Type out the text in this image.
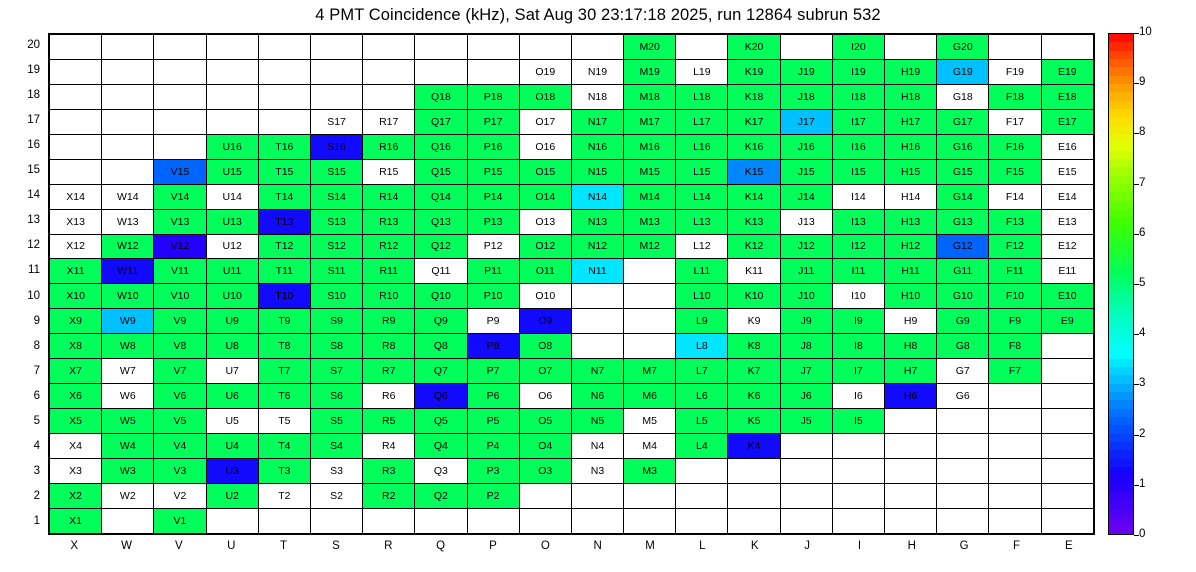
4 PMT Coincidence (kHz), Sat Aug 30 23:17:18 2025, run 12864 subrun 532
											M20		K20		I20		G20		
									O19	N19	M19	L19	K19	J19	I19	H19	G19	F19	E19
							Q18	P18	O18	N18	M18	L18	K18	J18	I18	H18	G18	F18	E18
					S17	R17	Q17	P17	O17	N17	M17	L17	K17	J17	I17	H17	G17	F17	E17
			U16	T16	S16	R16	Q16	P16	O16	N16	M16	L16	K16	J16	I16	H16	G16	F16	E16
		V15	U15	T15	S15	R15	Q15	P15	O15	N15	M15	L15	K15	J15	I15	H15	G15	F15	E15
X14	W14	V14	U14	T14	S14	R14	Q14	P14	O14	N14	M14	L14	K14	J14	I14	H14	G14	F14	E14
X13	W13	V13	U13	T13	S13	R13	Q13	P13	O13	N13	M13	L13	K13	J13	I13	H13	G13	F13	E13
X12	W12	V12	U12	T12	S12	R12	Q12	P12	O12	N12	M12	L12	K12	J12	I12	H12	G12	F12	E12
X11	W11	V11	U11	T11	S11	R11	Q11	P11	O11	N11		L11	K11	J11	I11	H11	G11	F11	E11
X10	W10	V10	U10	T10	S10	R10	Q10	P10	O10			L10	K10	J10	I10	H10	G10	F10	E10
X9	W9	V9	U9	T9	S9	R9	Q9	P9	O9			L9	K9	J9	I9	H9	G9	F9	E9
X8	W8	V8	U8	T8	S8	R8	Q8	P8	O8			L8	K8	J8	I8	H8	G8	F8	
X7	W7	V7	U7	T7	S7	R7	Q7	P7	O7	N7	M7	L7	K7	J7	I7	H7	G7	F7	
X6	W6	V6	U6	T6	S6	R6	Q6	P6	O6	N6	M6	L6	K6	J6	I6	H6	G6		
X5	W5	V5	U5	T5	S5	R5	Q5	P5	O5	N5	M5	L5	K5	J5	I5				
X4	W4	V4	U4	T4	S4	R4	Q4	P4	O4	N4	M4	L4	K4						
X3	W3	V3	U3	T3	S3	R3	Q3	P3	O3	N3	M3								
X2	W2	V2	U2	T2	S2	R2	Q2	P2											
X1		V1																	
20
19
18
17
16
15
14
13
12
11
10
9
8
7
6
5
4
3
2
1
X	W	V	U	T	S	R	Q	P	O	N	M	L	K	J	I	H	G	F	E
0
1
2
3
4
5
6
7
8
9
10
